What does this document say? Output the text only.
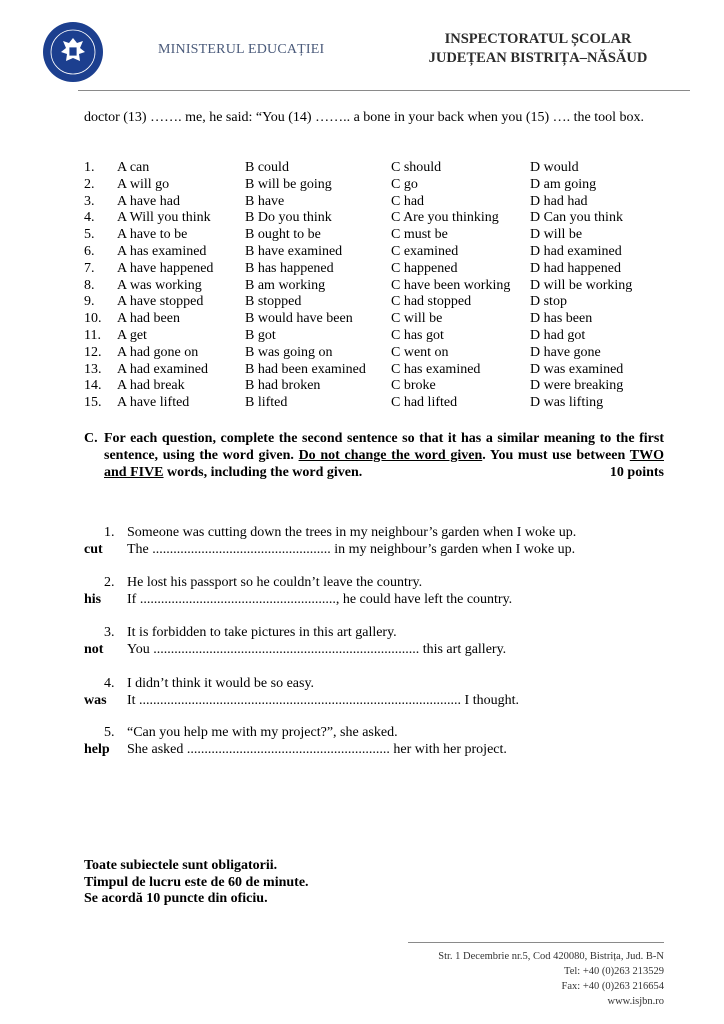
MINISTERUL EDUCAȚIEI
INSPECTORATUL ȘCOLAR
JUDEȚEAN BISTRIȚA–NĂSĂUD
doctor (13) ……. me, he said: “You (14) …….. a bone in your back when you (15) …. the tool box.
1. A can	B could	C should	D would
2. A will go	B will be going	C go	D am going
3. A have had	B have	C had	D had had
4. A Will you think B Do you think	C Are you thinking D Can you think
5. A have to be	B ought to be	C must be	D will be
6. A has examined	B have examined	C examined	D had examined
7. A have happened B has happened	C happened	D had happened
8. A was working	B am working	C have been working D will be working
9. A have stopped	B stopped	C had stopped	D stop
10. A had been	B would have been	C will be	D has been
11. A get	B got	C has got	D had got
12. A had gone on	B was going on	C went on	D have gone
13. A had examined	B had been examined C has examined	D was examined
14. A had break	B had broken	C broke	D were breaking
15. A have lifted	B lifted	C had lifted	D was lifting
C. For each question, complete the second sentence so that it has a similar meaning to the first sentence, using the word given. Do not change the word given. You must use between TWO and FIVE words, including the word given.	10 points
1. Someone was cutting down the trees in my neighbour’s garden when I woke up.
cut The ................................................... in my neighbour’s garden when I woke up.
2. He lost his passport so he couldn’t leave the country.
his If ........................................................, he could have left the country.
3. It is forbidden to take pictures in this art gallery.
not You ............................................................................ this art gallery.
4. I didn’t think it would be so easy.
was It ............................................................................................ I thought.
5. “Can you help me with my project?”, she asked.
help She asked .......................................................... her with her project.
Toate subiectele sunt obligatorii.
Timpul de lucru este de 60 de minute.
Se acordă 10 puncte din oficiu.
Str. 1 Decembrie nr.5, Cod 420080, Bistrița, Jud. B-N
Tel: +40 (0)263 213529
Fax: +40 (0)263 216654
www.isjbn.ro
